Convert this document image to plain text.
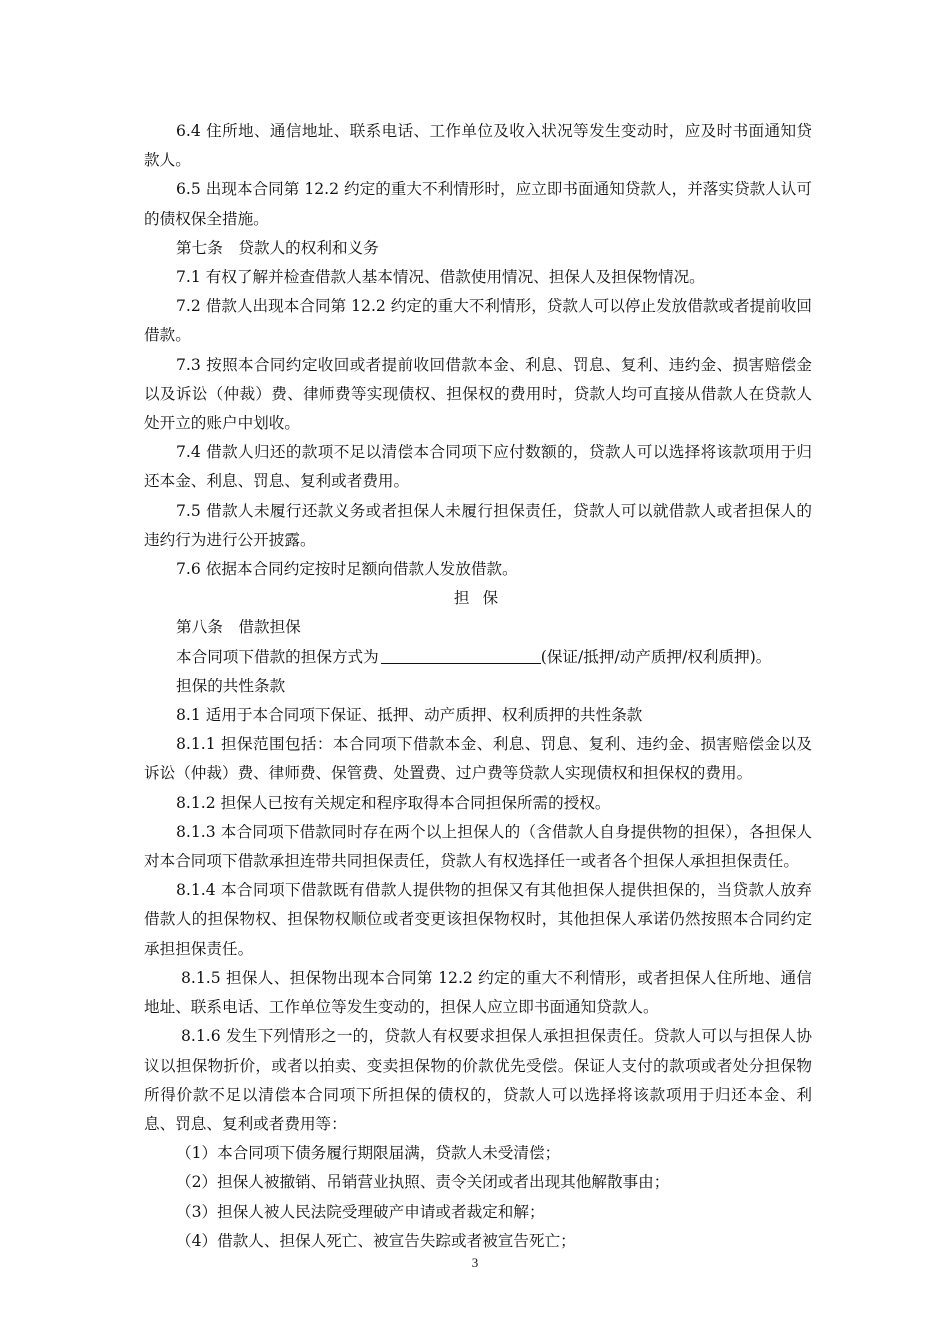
6.4 住所地、通信地址、联系电话、工作单位及收入状况等发生变动时，应及时书面通知贷款人。

6.5 出现本合同第 12.2 约定的重大不利情形时，应立即书面通知贷款人，并落实贷款人认可的债权保全措施。

第七条　贷款人的权利和义务

7.1 有权了解并检查借款人基本情况、借款使用情况、担保人及担保物情况。

7.2 借款人出现本合同第 12.2 约定的重大不利情形，贷款人可以停止发放借款或者提前收回借款。

7.3 按照本合同约定收回或者提前收回借款本金、利息、罚息、复利、违约金、损害赔偿金以及诉讼（仲裁）费、律师费等实现债权、担保权的费用时，贷款人均可直接从借款人在贷款人处开立的账户中划收。

7.4 借款人归还的款项不足以清偿本合同项下应付数额的，贷款人可以选择将该款项用于归还本金、利息、罚息、复利或者费用。

7.5 借款人未履行还款义务或者担保人未履行担保责任，贷款人可以就借款人或者担保人的违约行为进行公开披露。

7.6 依据本合同约定按时足额向借款人发放借款。

担 保

第八条　借款担保

本合同项下借款的担保方式为	(保证/抵押/动产质押/权利质押)。

担保的共性条款

8.1 适用于本合同项下保证、抵押、动产质押、权利质押的共性条款

8.1.1 担保范围包括：本合同项下借款本金、利息、罚息、复利、违约金、损害赔偿金以及诉讼（仲裁）费、律师费、保管费、处置费、过户费等贷款人实现债权和担保权的费用。

8.1.2 担保人已按有关规定和程序取得本合同担保所需的授权。

8.1.3 本合同项下借款同时存在两个以上担保人的（含借款人自身提供物的担保），各担保人对本合同项下借款承担连带共同担保责任，贷款人有权选择任一或者各个担保人承担担保责任。

8.1.4 本合同项下借款既有借款人提供物的担保又有其他担保人提供担保的，当贷款人放弃借款人的担保物权、担保物权顺位或者变更该担保物权时，其他担保人承诺仍然按照本合同约定承担担保责任。

8.1.5 担保人、担保物出现本合同第 12.2 约定的重大不利情形，或者担保人住所地、通信地址、联系电话、工作单位等发生变动的，担保人应立即书面通知贷款人。

8.1.6 发生下列情形之一的，贷款人有权要求担保人承担担保责任。贷款人可以与担保人协议以担保物折价，或者以拍卖、变卖担保物的价款优先受偿。保证人支付的款项或者处分担保物所得价款不足以清偿本合同项下所担保的债权的，贷款人可以选择将该款项用于归还本金、利息、罚息、复利或者费用等：

（1）本合同项下债务履行期限届满，贷款人未受清偿；

（2）担保人被撤销、吊销营业执照、责令关闭或者出现其他解散事由；

（3）担保人被人民法院受理破产申请或者裁定和解；

（4）借款人、担保人死亡、被宣告失踪或者被宣告死亡；

3
